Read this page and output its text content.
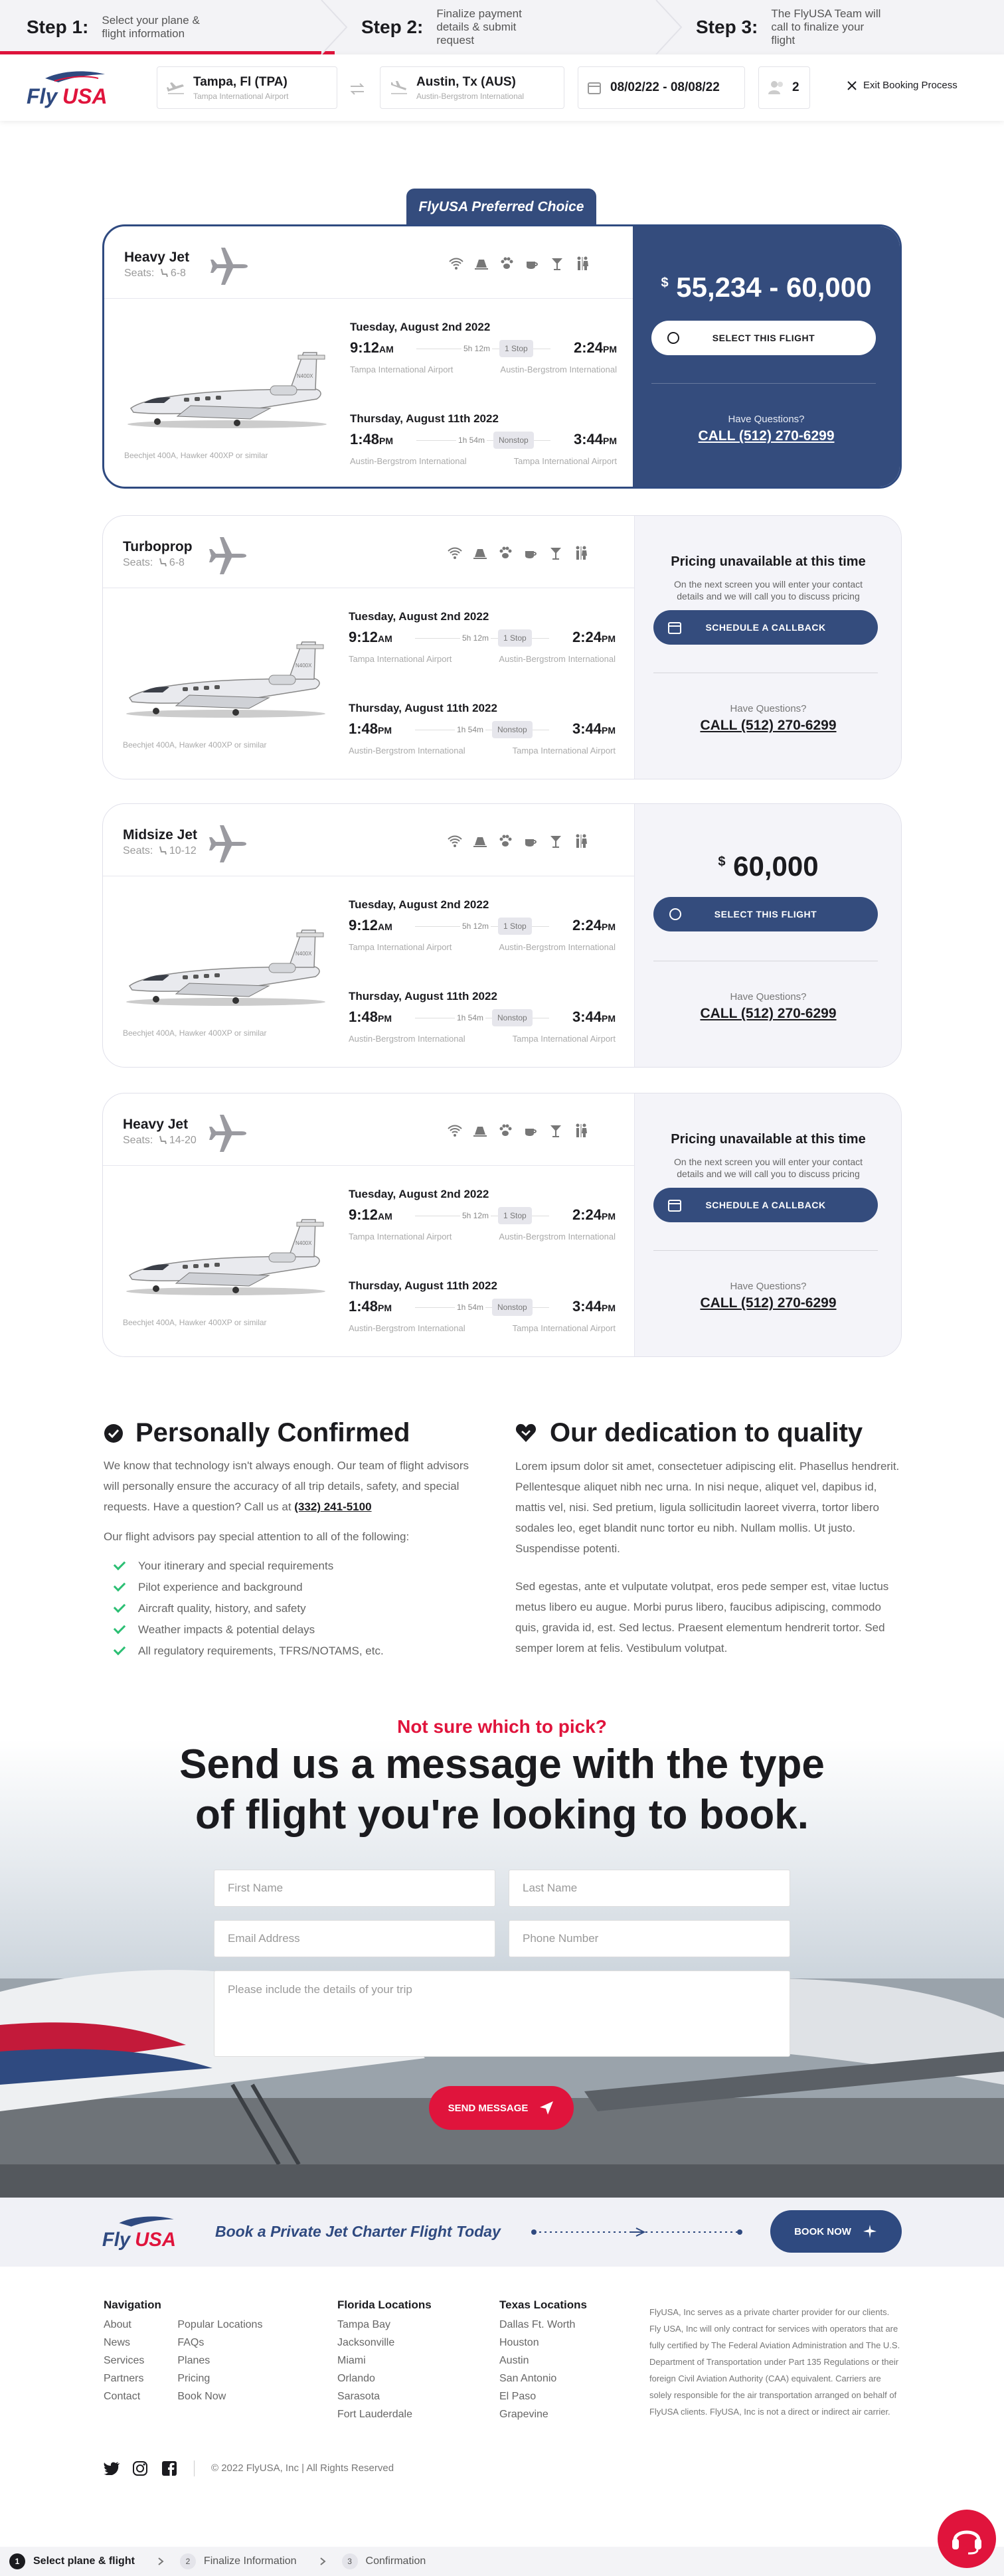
Step 1: Select your plane & flight information	Step 2:
Finalize payment details & submit request
Step 3:
The FlyUSA Team will call to finalize your flight
Fly USA
Tampa, Fl (TPA)
Tampa International Airport
Austin, Tx (AUS)
Austin-Bergstrom International
08/02/22 - 08/08/22	2	Exit Booking Process
FlyUSA Preferred Choice
Heavy Jet
Seats: 6-8
N400X
Beechjet 400A, Hawker 400XP or similar
Tuesday, August 2nd 2022
9:12AM	5h 12m	1 Stop	2:24PM
Tampa International Airport	Austin-Bergstrom International
Thursday, August 11th 2022
1:48PM	1h 54m	Nonstop	3:44PM
Austin-Bergstrom International	Tampa International Airport
$ 55,234 - 60,000
SELECT THIS FLIGHT
Have Questions?
CALL (512) 270-6299
Turboprop
Seats: 6-8
N400X
Beechjet 400A, Hawker 400XP or similar
Tuesday, August 2nd 2022
9:12AM	5h 12m	1 Stop	2:24PM
Tampa International Airport	Austin-Bergstrom International
Thursday, August 11th 2022
1:48PM	1h 54m	Nonstop	3:44PM
Austin-Bergstrom International	Tampa International Airport
Pricing unavailable at this time
On the next screen you will enter your contact details and we will call you to discuss pricing
SCHEDULE A CALLBACK
Have Questions?
CALL (512) 270-6299
Midsize Jet
Seats: 10-12
N400X
Beechjet 400A, Hawker 400XP or similar
Tuesday, August 2nd 2022
9:12AM	5h 12m	1 Stop	2:24PM
Tampa International Airport	Austin-Bergstrom International
Thursday, August 11th 2022
1:48PM	1h 54m	Nonstop	3:44PM
Austin-Bergstrom International	Tampa International Airport
$ 60,000
SELECT THIS FLIGHT
Have Questions?
CALL (512) 270-6299
Heavy Jet
Seats: 14-20
N400X
Beechjet 400A, Hawker 400XP or similar
Tuesday, August 2nd 2022
9:12AM	5h 12m	1 Stop	2:24PM
Tampa International Airport	Austin-Bergstrom International
Thursday, August 11th 2022
1:48PM	1h 54m	Nonstop	3:44PM
Austin-Bergstrom International	Tampa International Airport
Pricing unavailable at this time
On the next screen you will enter your contact details and we will call you to discuss pricing
SCHEDULE A CALLBACK
Have Questions?
CALL (512) 270-6299
Personally Confirmed
We know that technology isn't always enough. Our team of flight advisors will personally ensure the accuracy of all trip details, safety, and special requests. Have a question? Call us at (332) 241-5100
Our flight advisors pay special attention to all of the following:
Your itinerary and special requirements
Pilot experience and background
Aircraft quality, history, and safety
Weather impacts & potential delays
All regulatory requirements, TFRS/NOTAMS, etc.
Our dedication to quality
Lorem ipsum dolor sit amet, consectetuer adipiscing elit. Phasellus hendrerit. Pellentesque aliquet nibh nec urna. In nisi neque, aliquet vel, dapibus id, mattis vel, nisi. Sed pretium, ligula sollicitudin laoreet viverra, tortor libero sodales leo, eget blandit nunc tortor eu nibh. Nullam mollis. Ut justo. Suspendisse potenti.
Sed egestas, ante et vulputate volutpat, eros pede semper est, vitae luctus metus libero eu augue. Morbi purus libero, faucibus adipiscing, commodo quis, gravida id, est. Sed lectus. Praesent elementum hendrerit tortor. Sed semper lorem at felis. Vestibulum volutpat.
Not sure which to pick?
Send us a message with the type
of flight you're looking to book.
First Name	Last Name
Email Address	Phone Number
Please include the details of your trip
SEND MESSAGE
Fly USA	Book a Private Jet Charter Flight Today	BOOK NOW
Navigation
About
News
Services
Partners
Contact
Popular Locations
FAQs
Planes
Pricing
Book Now
Florida Locations
Tampa Bay
Jacksonville
Miami
Orlando
Sarasota
Fort Lauderdale
Texas Locations
Dallas Ft. Worth
Houston
Austin
San Antonio
El Paso
Grapevine
FlyUSA, Inc serves as a private charter provider for our clients. Fly USA, Inc will only contract for services with operators that are fully certified by The Federal Aviation Administration and The U.S. Department of Transportation under Part 135 Regulations or their foreign Civil Aviation Authority (CAA) equivalent. Carriers are solely responsible for the air transportation arranged on behalf of FlyUSA clients. FlyUSA, Inc is not a direct or indirect air carrier.
© 2022 FlyUSA, Inc | All Rights Reserved
1	Select plane & flight	2	Finalize Information	3	Confirmation
